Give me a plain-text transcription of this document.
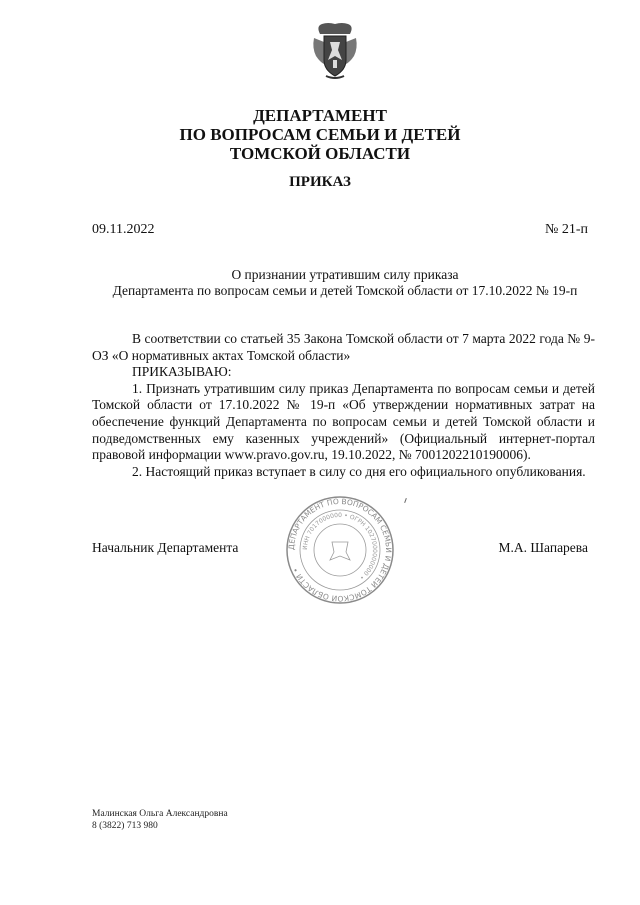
ДЕПАРТАМЕНТ
ПО ВОПРОСАМ СЕМЬИ И ДЕТЕЙ
ТОМСКОЙ ОБЛАСТИ
ПРИКАЗ
09.11.2022	№ 21-п
О признании утратившим силу приказа
Департамента по вопросам семьи и детей Томской области от 17.10.2022 № 19-п

В соответствии со статьей 35 Закона Томской области от 7 марта 2022 года № 9-ОЗ «О нормативных актах Томской области»

ПРИКАЗЫВАЮ:

1. Признать утратившим силу приказ Департамента по вопросам семьи и детей Томской области от 17.10.2022 № 19-п «Об утверждении нормативных затрат на обеспечение функций Департамента по вопросам семьи и детей Томской области и подведомственных ему казенных учреждений» (Официальный интернет-портал правовой информации www.pravo.gov.ru, 19.10.2022, № 7001202210190006).

2. Настоящий приказ вступает в силу со дня его официального опубликования.

ДЕПАРТАМЕНТ ПО ВОПРОСАМ СЕМЬИ И ДЕТЕЙ ТОМСКОЙ ОБЛАСТИ •
ИНН 7017000000 • ОГРН 1027000000000 •
Начальник Департамента	М.А. Шапарева
Малинская Ольга Александровна
8 (3822) 713 980
